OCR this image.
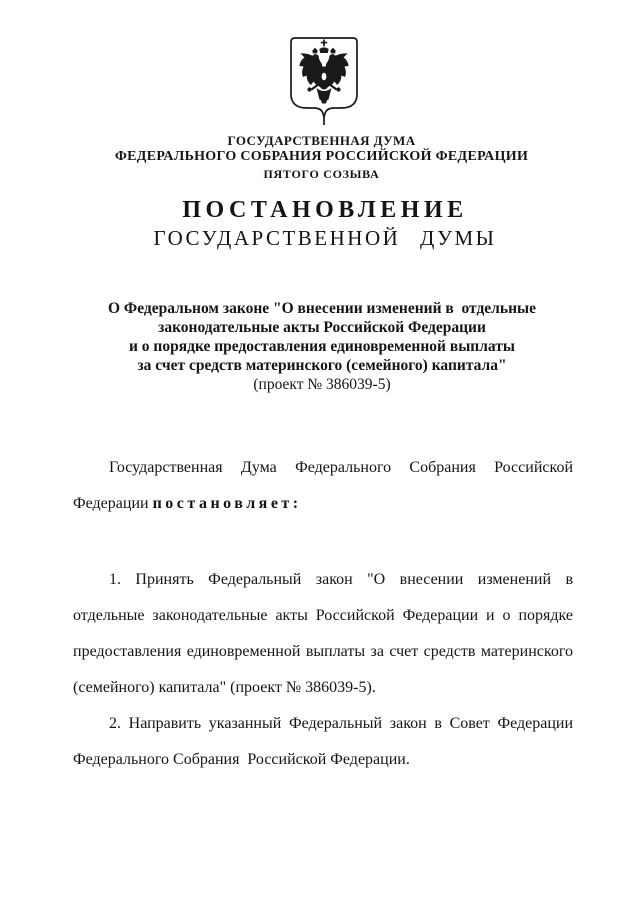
ГОСУДАРСТВЕННАЯ ДУМА
ФЕДЕРАЛЬНОГО СОБРАНИЯ РОССИЙСКОЙ ФЕДЕРАЦИИ
ПЯТОГО СОЗЫВА
ПОСТАНОВЛЕНИЕ
ГОСУДАРСТВЕННОЙ ДУМЫ
О Федеральном законе "О внесении изменений в  отдельные
законодательные акты Российской Федерации
и о порядке предоставления единовременной выплаты
за счет средств материнского (семейного) капитала"
(проект № 386039-5)

Государственная Дума Федерального Собрания Российской Федерации постановляет:

1. Принять Федеральный закон "О внесении изменений в отдельные законодательные акты Российской Федерации и о порядке предоставления единовременной выплаты за счет средств материнского (семейного) капитала" (проект № 386039-5).

2. Направить указанный Федеральный закон в Совет Федерации Федерального Собрания  Российской Федерации.
